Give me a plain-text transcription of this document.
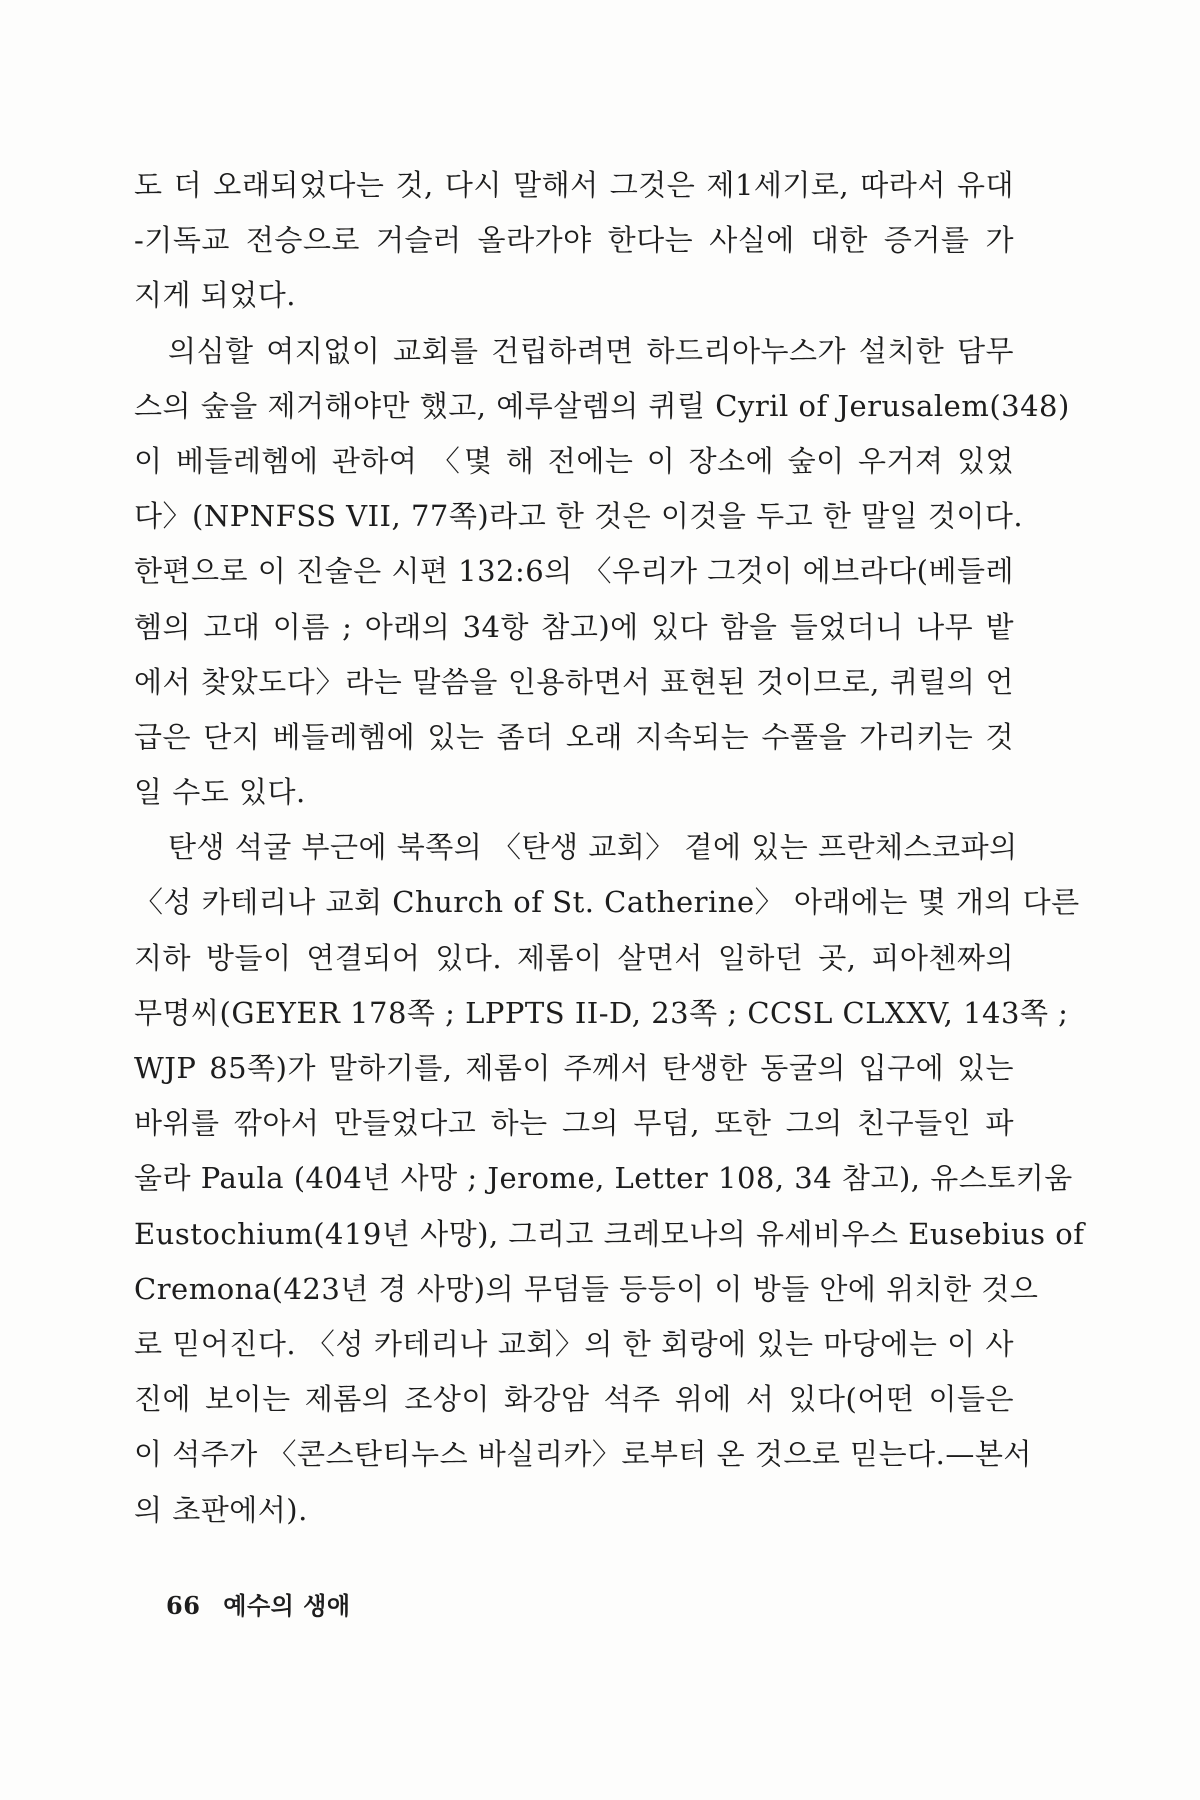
도 더 오래되었다는 것, 다시 말해서 그것은 제1세기로, 따라서 유대
-기독교 전승으로 거슬러 올라가야 한다는 사실에 대한 증거를 가
지게 되었다.
의심할 여지없이 교회를 건립하려면 하드리아누스가 설치한 담무
스의 숲을 제거해야만 했고, 예루살렘의 퀴릴 Cyril of Jerusalem(348)
이 베들레헴에 관하여 〈몇 해 전에는 이 장소에 숲이 우거져 있었
다〉(NPNFSS VII, 77쪽)라고 한 것은 이것을 두고 한 말일 것이다.
한편으로 이 진술은 시편 132:6의 〈우리가 그것이 에브라다(베들레
헴의 고대 이름 ; 아래의 34항 참고)에 있다 함을 들었더니 나무 밭
에서 찾았도다〉라는 말씀을 인용하면서 표현된 것이므로, 퀴릴의 언
급은 단지 베들레헴에 있는 좀더 오래 지속되는 수풀을 가리키는 것
일 수도 있다.
탄생 석굴 부근에 북쪽의 〈탄생 교회〉 곁에 있는 프란체스코파의
〈성 카테리나 교회 Church of St. Catherine〉 아래에는 몇 개의 다른
지하 방들이 연결되어 있다. 제롬이 살면서 일하던 곳, 피아첸짜의
무명씨(GEYER 178쪽 ; LPPTS II-D, 23쪽 ; CCSL CLXXV, 143쪽 ;
WJP 85쪽)가 말하기를, 제롬이 주께서 탄생한 동굴의 입구에 있는
바위를 깎아서 만들었다고 하는 그의 무덤, 또한 그의 친구들인 파
울라 Paula (404년 사망 ; Jerome, Letter 108, 34 참고), 유스토키움
Eustochium(419년 사망), 그리고 크레모나의 유세비우스 Eusebius of
Cremona(423년 경 사망)의 무덤들 등등이 이 방들 안에 위치한 것으
로 믿어진다. 〈성 카테리나 교회〉의 한 회랑에 있는 마당에는 이 사
진에 보이는 제롬의 조상이 화강암 석주 위에 서 있다(어떤 이들은
이 석주가 〈콘스탄티누스 바실리카〉로부터 온 것으로 믿는다.—본서
의 초판에서).
66 예수의 생애
